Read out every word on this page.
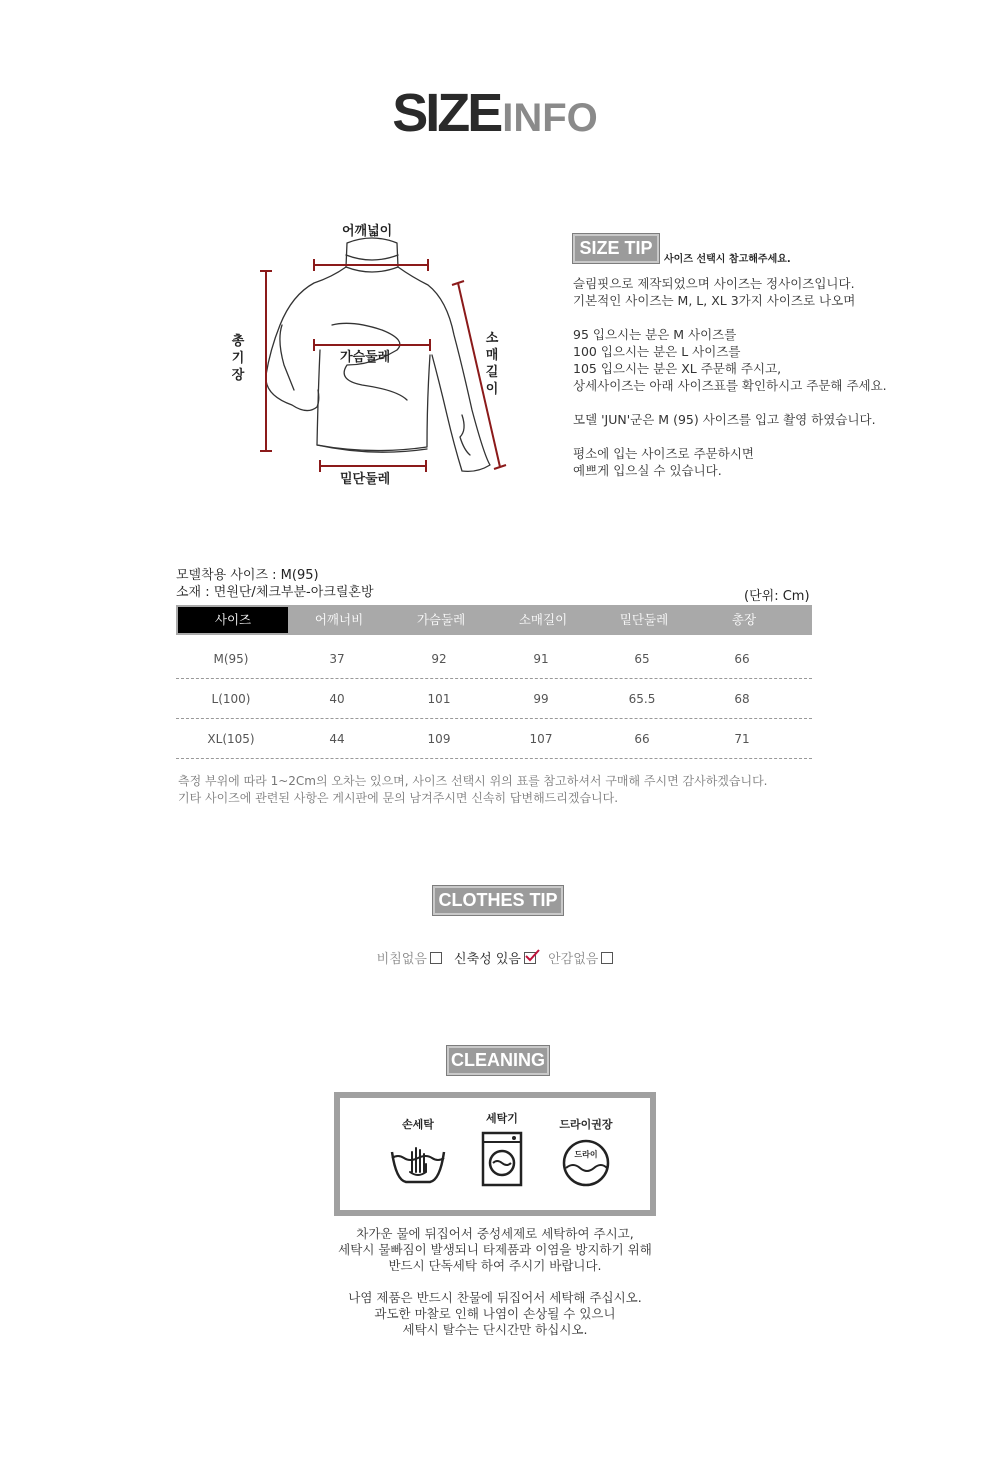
SIZEINFO
어깨넓이
가슴둘레
밑단둘레
총
기
장
소
매
길
이
SIZE TIP
사이즈 선택시 참고해주세요.
슬림핏으로 제작되었으며 사이즈는 정사이즈입니다.
기본적인 사이즈는 M, L, XL 3가지 사이즈로 나오며

95 입으시는 분은 M 사이즈를
100 입으시는 분은 L 사이즈를
105 입으시는 분은 XL 주문해 주시고,
상세사이즈는 아래 사이즈표를 확인하시고 주문해 주세요.

모델 'JUN'군은 M (95) 사이즈를 입고 촬영 하였습니다.

평소에 입는 사이즈로 주문하시면
예쁘게 입으실 수 있습니다.
모델착용 사이즈 : M(95)
소재 : 면원단/체크부분-아크릴혼방	(단위: Cm)
사이즈	어깨너비	가슴둘레	소매길이	밑단둘레	총장
M(95)	37	92	91	65	66
L(100)	40	101	99	65.5	68
XL(105)	44	109	107	66	71
측정 부위에 따라 1~2Cm의 오차는 있으며, 사이즈 선택시 위의 표를 참고하셔서 구매해 주시면 감사하겠습니다.
기타 사이즈에 관련된 사항은 게시판에 문의 남겨주시면 신속히 답변해드리겠습니다.
CLOTHES TIP
비침없음 신축성 있음 안감없음
CLEANING
손세탁	세탁기	드라이권장
드라이
차가운 물에 뒤집어서 중성세제로 세탁하여 주시고,
세탁시 물빠짐이 발생되니 타제품과 이염을 방지하기 위해
반드시 단독세탁 하여 주시기 바랍니다.

나염 제품은 반드시 찬물에 뒤집어서 세탁해 주십시오.
과도한 마찰로 인해 나염이 손상될 수 있으니
세탁시 탈수는 단시간만 하십시오.
